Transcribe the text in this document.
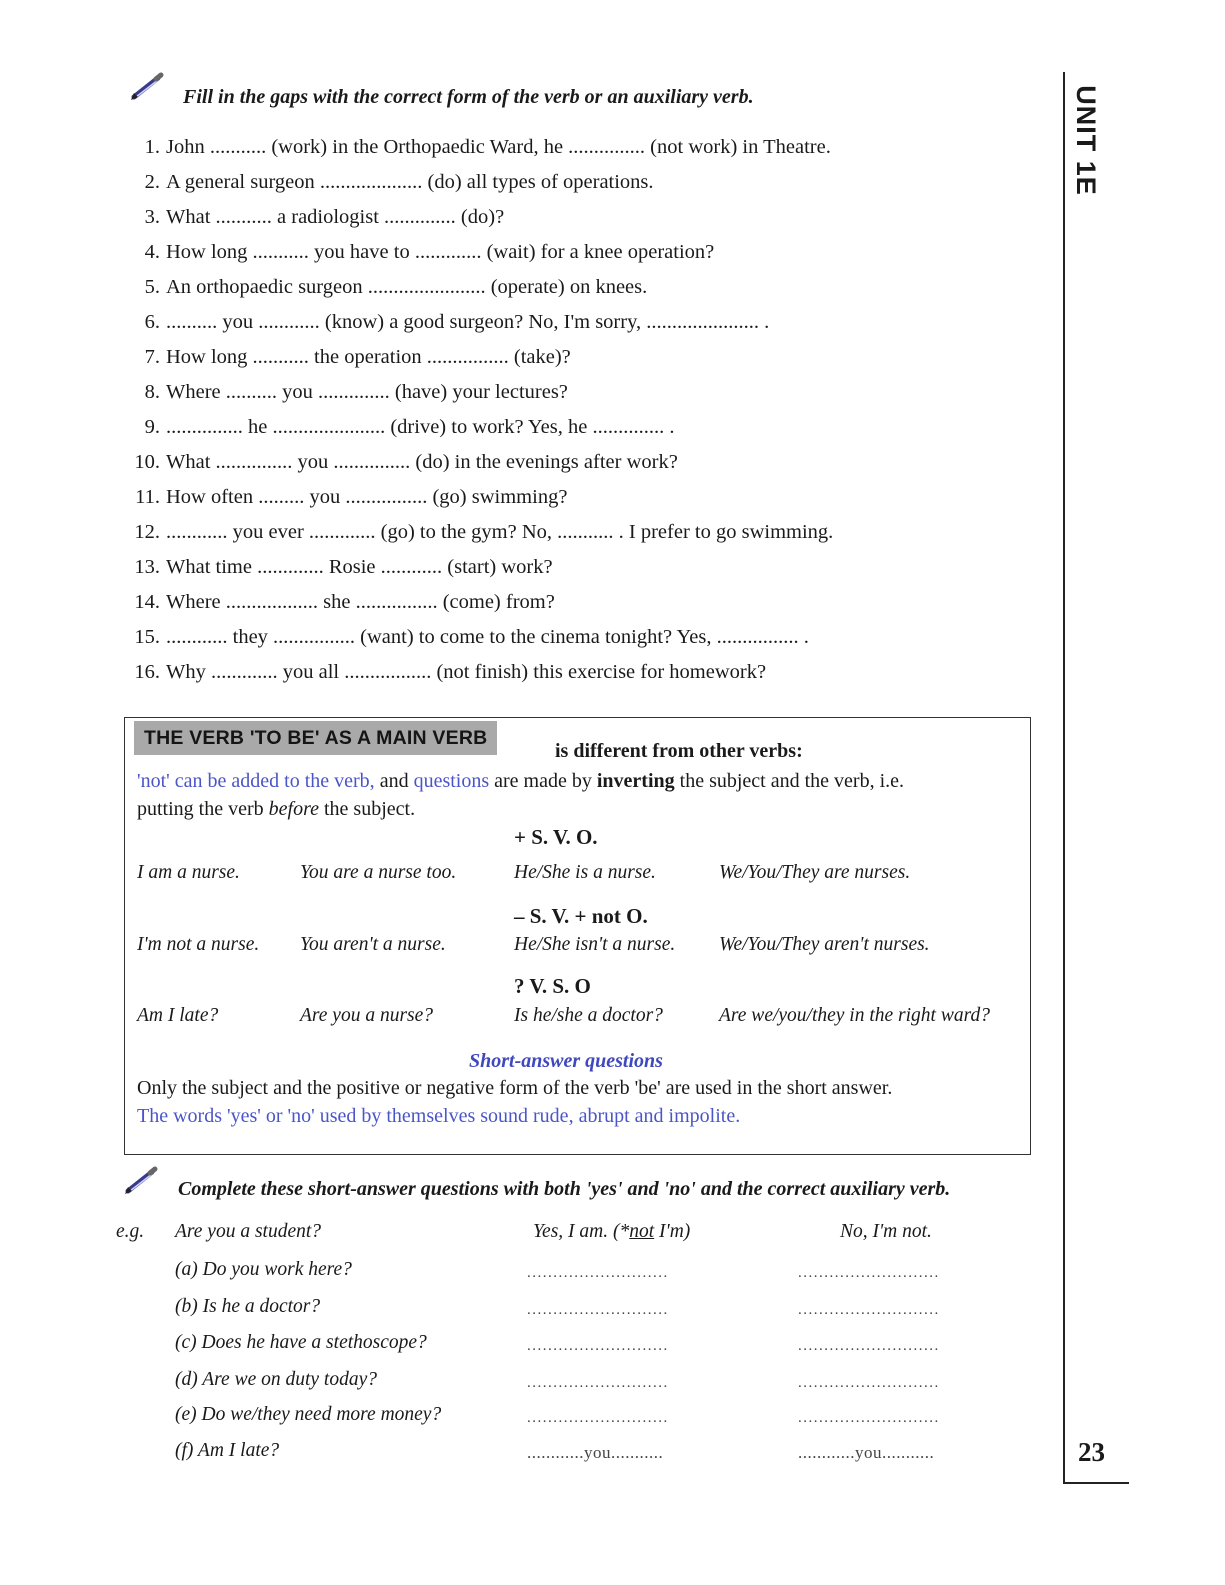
Fill in the gaps with the correct form of the verb or an auxiliary verb.
1. John ........... (work) in the Orthopaedic Ward, he ............... (not work) in Theatre.
2. A general surgeon .................... (do) all types of operations.
3. What ........... a radiologist .............. (do)?
4. How long ........... you have to ............. (wait) for a knee operation?
5. An orthopaedic surgeon ....................... (operate) on knees.
6. .......... you ............ (know) a good surgeon? No, I'm sorry, ...................... .
7. How long ........... the operation ................ (take)?
8. Where .......... you .............. (have) your lectures?
9. ............... he ...................... (drive) to work? Yes, he .............. .
10. What ............... you ............... (do) in the evenings after work?
11. How often ......... you ................ (go) swimming?
12. ............ you ever ............. (go) to the gym? No, ........... . I prefer to go swimming.
13. What time ............. Rosie ............ (start) work?
14. Where .................. she ................ (come) from?
15. ............ they ................ (want) to come to the cinema tonight? Yes, ................ .
16. Why ............. you all ................. (not finish) this exercise for homework?
UNIT 1E
23
THE VERB 'TO BE' AS A MAIN VERB
is different from other verbs:
'not' can be added to the verb, and questions are made by inverting the subject and the verb, i.e.
putting the verb before the subject.
+ S. V. O.
I am a nurse.	You are a nurse too.	He/She is a nurse.	We/You/They are nurses.
– S. V. + not O.
I'm not a nurse. You aren't a nurse.	He/She isn't a nurse. We/You/They aren't nurses.
? V. S. O
Am I late?	Are you a nurse?	Is he/she a doctor?	Are we/you/they in the right ward?
Short-answer questions
Only the subject and the positive or negative form of the verb 'be' are used in the short answer.
The words 'yes' or 'no' used by themselves sound rude, abrupt and impolite.
Complete these short-answer questions with both 'yes' and 'no' and the correct auxiliary verb.
e.g. Are you a student?	Yes, I am. (*not I'm)	No, I'm not.
(a) Do you work here?	...........................	...........................
(b) Is he a doctor?	...........................	...........................
(c) Does he have a stethoscope?	...........................	...........................
(d) Are we on duty today?	...........................	...........................
(e) Do we/they need more money?	...........................	...........................
(f) Am I late?	............you...........	............you...........
